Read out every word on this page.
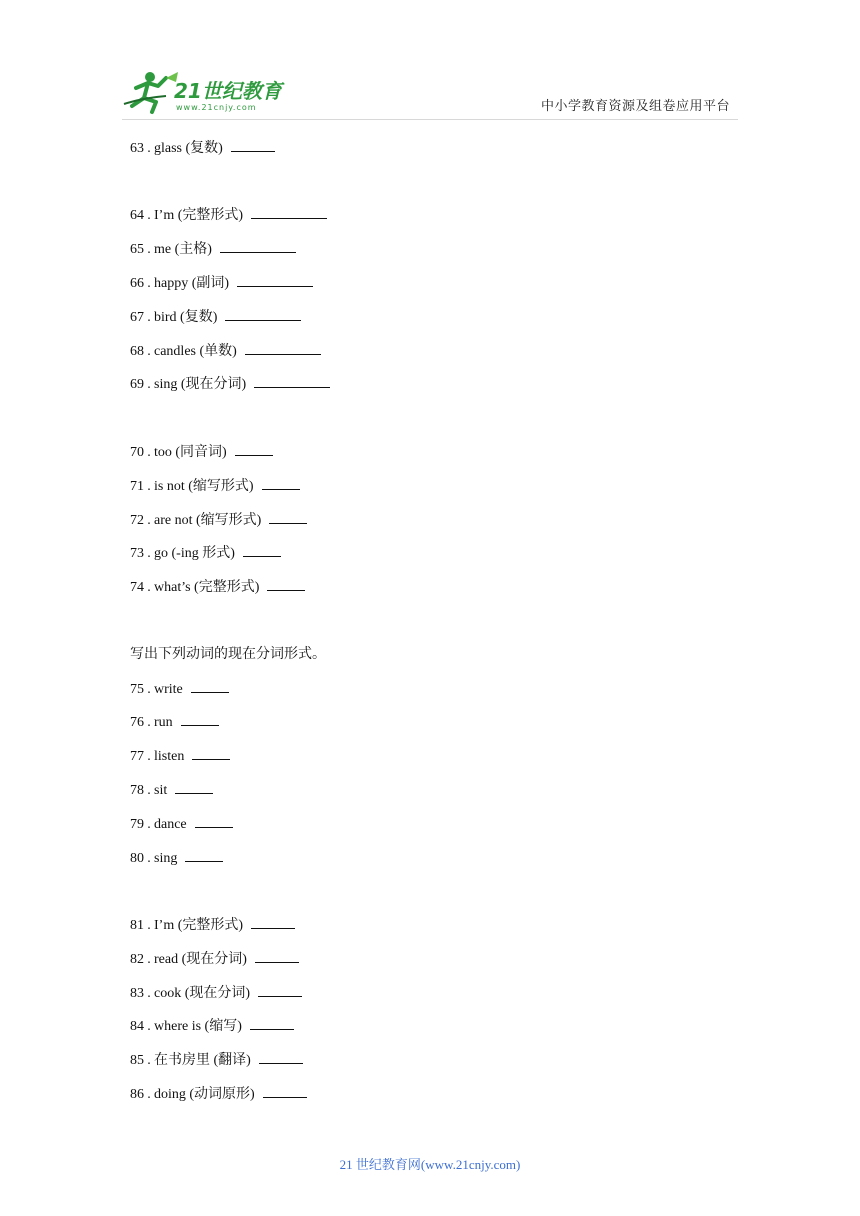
21世纪教育
www.21cnjy.com	中小学教育资源及组卷应用平台
63 . glass (复数)
64 . I’m (完整形式)
65 . me (主格)
66 . happy (副词)
67 . bird (复数)
68 . candles (单数)
69 . sing (现在分词)
70 . too (同音词)
71 . is not (缩写形式)
72 . are not (缩写形式)
73 . go (-ing 形式)
74 . what’s (完整形式)
75 . write
76 . run
77 . listen
78 . sit
79 . dance
80 . sing
81 . I’m (完整形式)
82 . read (现在分词)
83 . cook (现在分词)
84 . where is (缩写)
85 . 在书房里 (翻译)
86 . doing (动词原形)
写出下列动词的现在分词形式。
21 世纪教育网(www.21cnjy.com)
